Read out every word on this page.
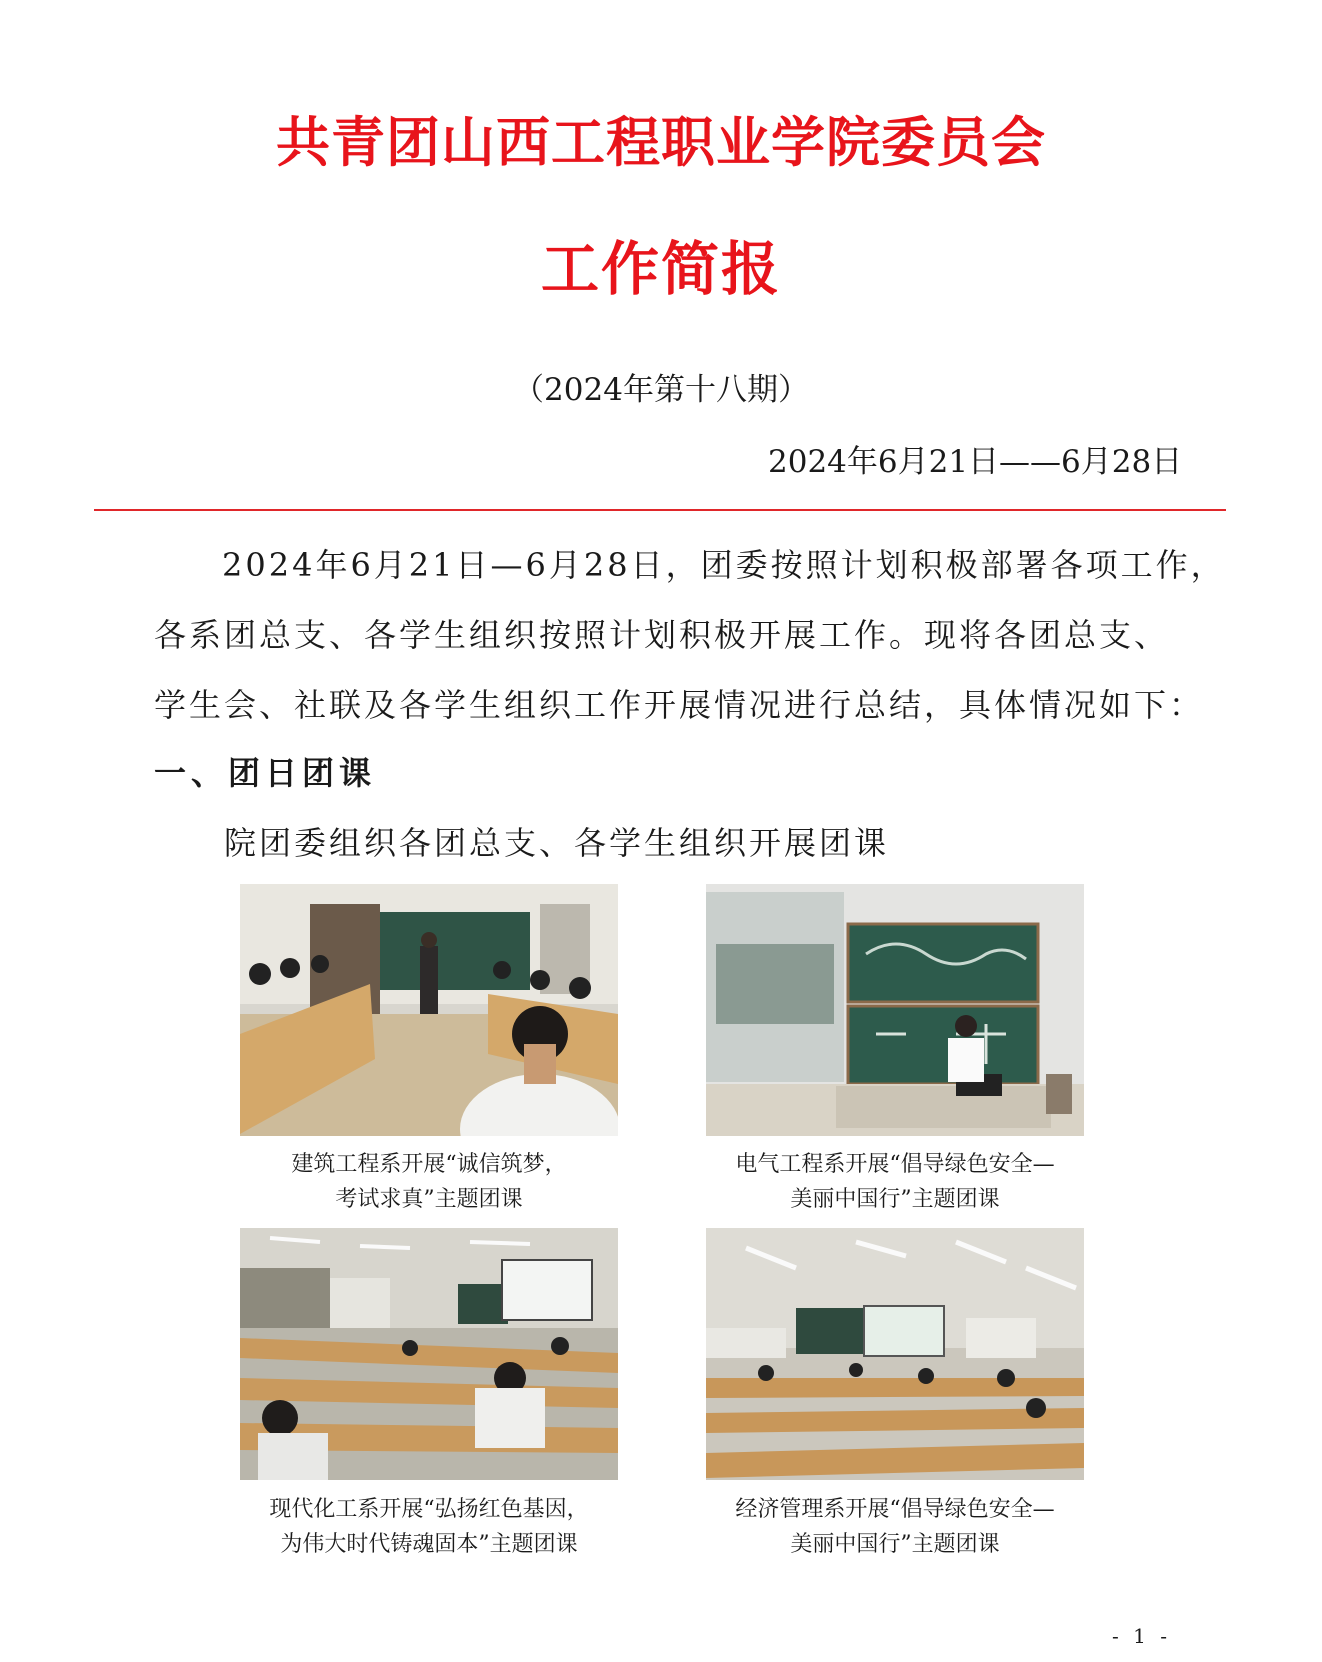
共青团山西工程职业学院委员会
工作简报
（2024年第十八期）
2024年6月21日——6月28日
2024年6月21日—6月28日，团委按照计划积极部署各项工作，
各系团总支、各学生组织按照计划积极开展工作。现将各团总支、
学生会、社联及各学生组织工作开展情况进行总结，具体情况如下：
一、团日团课
院团委组织各团总支、各学生组织开展团课
建筑工程系开展“诚信筑梦，
考试求真”主题团课
电气工程系开展“倡导绿色安全—
美丽中国行”主题团课
现代化工系开展“弘扬红色基因，
为伟大时代铸魂固本”主题团课
经济管理系开展“倡导绿色安全—
美丽中国行”主题团课
- 1 -
